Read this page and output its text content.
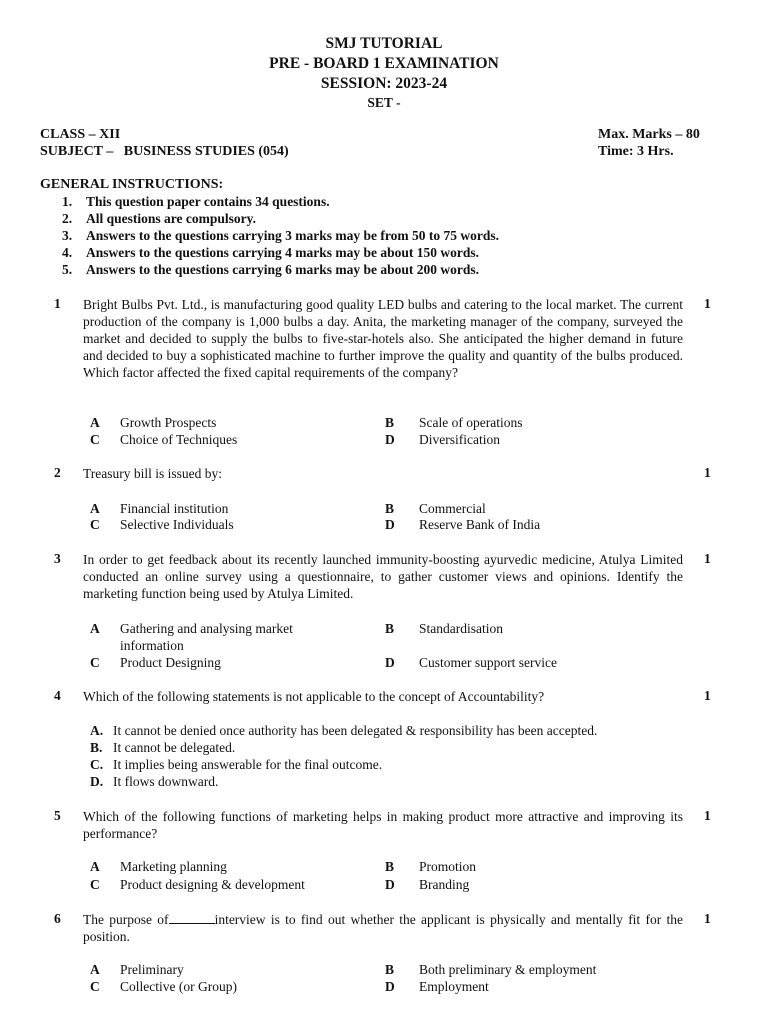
SMJ TUTORIAL
PRE - BOARD 1 EXAMINATION
SESSION: 2023-24
SET -
CLASS – XII
SUBJECT –   BUSINESS STUDIES (054)
Max. Marks – 80
Time: 3 Hrs.
GENERAL INSTRUCTIONS:
1. This question paper contains 34 questions.
2. All questions are compulsory.
3. Answers to the questions carrying 3 marks may be from 50 to 75 words.
4. Answers to the questions carrying 4 marks may be about 150 words.
5. Answers to the questions carrying 6 marks may be about 200 words.
1 Bright Bulbs Pvt. Ltd., is manufacturing good quality LED bulbs and catering to the local market. The current production of the company is 1,000 bulbs a day. Anita, the marketing manager of the company, surveyed the market and decided to supply the bulbs to five-star-hotels also. She anticipated the higher demand in future and decided to buy a sophisticated machine to further improve the quality and quantity of the bulbs produced. Which factor affected the fixed capital requirements of the company?
1
A Growth Prospects	B Scale of operations
C Choice of Techniques	D Diversification
2 Treasury bill is issued by:	1
A Financial institution	B Commercial
C Selective Individuals	D Reserve Bank of India
3 In order to get feedback about its recently launched immunity-boosting ayurvedic medicine, Atulya Limited conducted an online survey using a questionnaire, to gather customer views and opinions. Identify the marketing function being used by Atulya Limited.
1
A Gathering and analysing market information
B Standardisation
C Product Designing	D Customer support service
4 Which of the following statements is not applicable to the concept of Accountability?	1
A. It cannot be denied once authority has been delegated & responsibility has been accepted.
B. It cannot be delegated.
C. It implies being answerable for the final outcome.
D. It flows downward.
5 Which of the following functions of marketing helps in making product more attractive and improving its performance?
1
A Marketing planning	B Promotion
C Product designing & development	D Branding
6 The purpose of	interview is to find out whether the applicant is physically and mentally fit for the position.
1
A Preliminary	B Both preliminary & employment
C Collective (or Group)	D Employment
